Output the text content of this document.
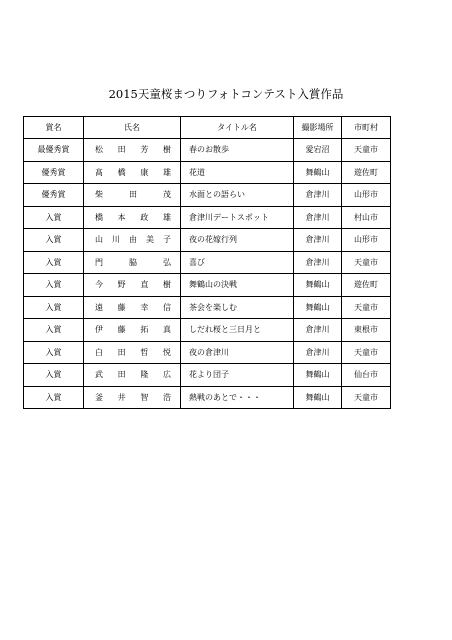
2015天童桜まつりフォトコンテスト入賞作品
賞名	氏名	タイトル名	撮影場所	市町村
最優秀賞	松田芳樹	春のお散歩	愛宕沼	天童市
優秀賞	髙橋康雄	花道	舞鶴山	遊佐町
優秀賞	柴田茂	水面との語らい	倉津川	山形市
入賞	橋本政雄	倉津川デートスポット	倉津川	村山市
入賞	山川由美子	夜の花嫁行列	倉津川	山形市
入賞	門脇弘	喜び	倉津川	天童市
入賞	今野直樹	舞鶴山の決戦	舞鶴山	遊佐町
入賞	遠藤幸信	茶会を楽しむ	舞鶴山	天童市
入賞	伊藤拓真	しだれ桜と三日月と	倉津川	東根市
入賞	白田哲悦	夜の倉津川	倉津川	天童市
入賞	武田隆広	花より団子	舞鶴山	仙台市
入賞	釜井智浩	熱戦のあとで・・・	舞鶴山	天童市
